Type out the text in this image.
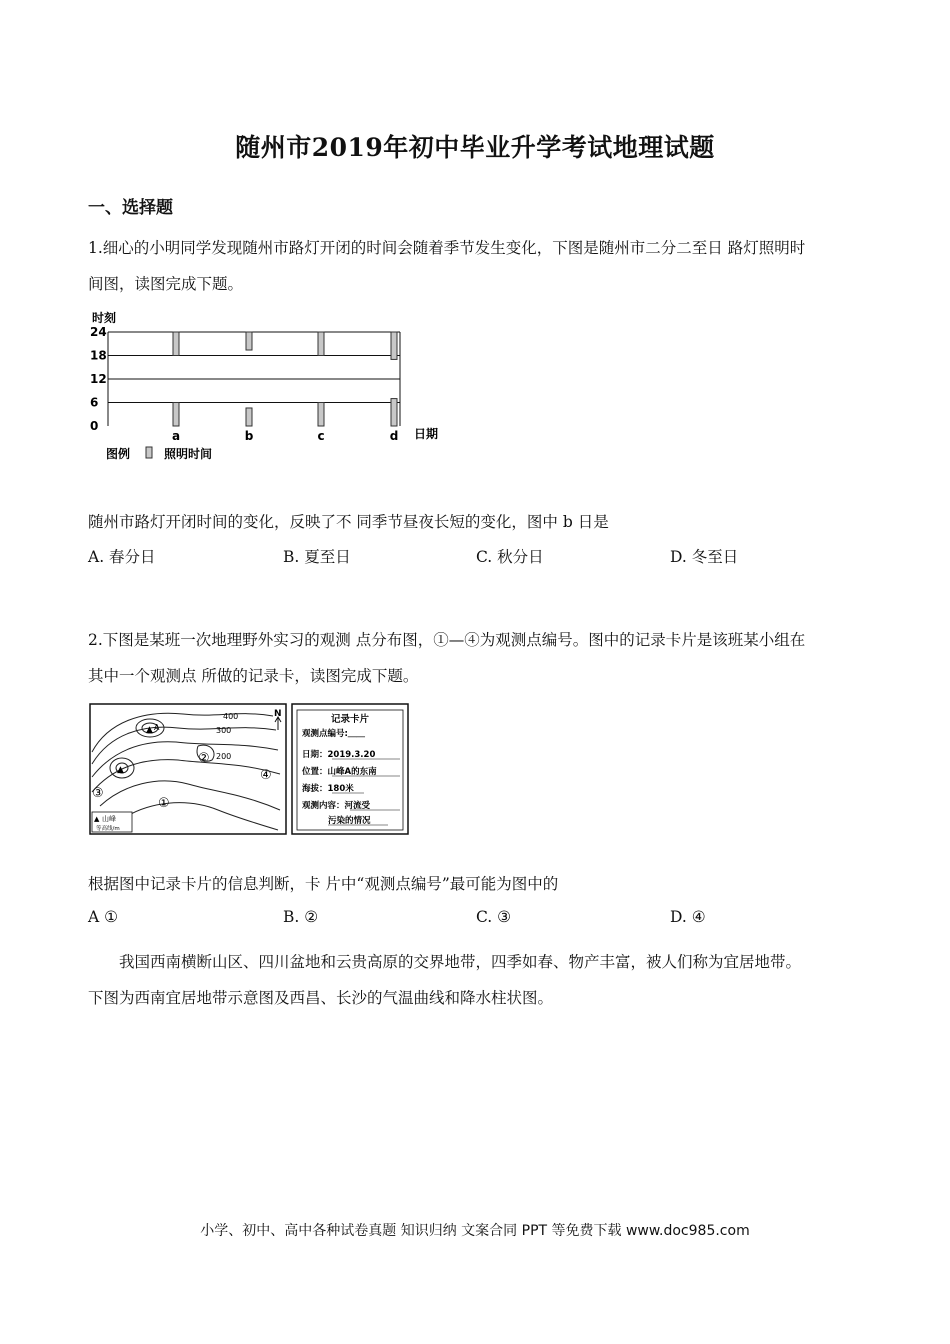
随州市2019年初中毕业升学考试地理试题
一、选择题
1.细心的小明同学发现随州市路灯开闭的时间会随着季节发生变化，下图是随州市二分二至日 路灯照明时
间图，读图完成下题。
时刻
0
6
12
18
24
a	b	c	d 日期
图例	照明时间
随州市路灯开闭时间的变化，反映了不 同季节昼夜长短的变化，图中 b 日是
A. 春分日	B. 夏至日	C. 秋分日	D. 冬至日
2.下图是某班一次地理野外实习的观测 点分布图，①—④为观测点编号。图中的记录卡片是该班某小组在
其中一个观测点 所做的记录卡，读图完成下题。
▲ A
▲
400
300
200
N
①
②
③
④
▲ 山峰
等高线/m
记录卡片
观测点编号:＿＿
日期：2019.3.20
位置：山峰A的东南
海拔：180米
观测内容：河流受
污染的情况
根据图中记录卡片的信息判断，卡 片中“观测点编号”最可能为图中的
A ①	B. ②	C. ③	D. ④
我国西南横断山区、四川盆地和云贵高原的交界地带，四季如春、物产丰富，被人们称为宜居地带。
下图为西南宜居地带示意图及西昌、长沙的气温曲线和降水柱状图。
小学、初中、高中各种试卷真题 知识归纳 文案合同 PPT 等免费下载 www.doc985.com
